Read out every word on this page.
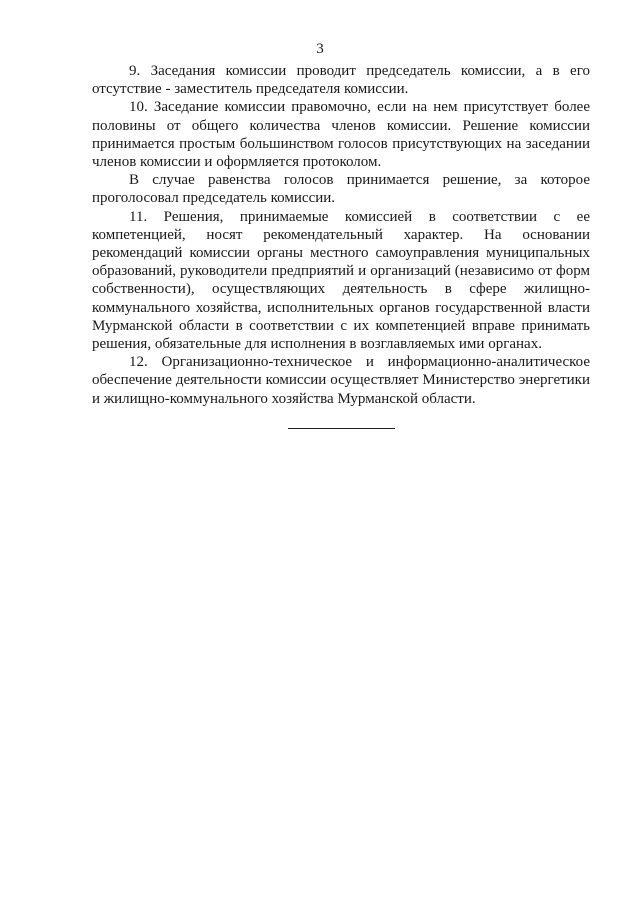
3

9. Заседания комиссии проводит председатель комиссии, а в его отсутствие - заместитель председателя комиссии.

10. Заседание комиссии правомочно, если на нем присутствует более половины от общего количества членов комиссии. Решение комиссии принимается простым большинством голосов присутствующих на заседании членов комиссии и оформляется протоколом.

В случае равенства голосов принимается решение, за которое проголосовал председатель комиссии.

11. Решения, принимаемые комиссией в соответствии с ее компетенцией, носят рекомендательный характер. На основании рекомендаций комиссии органы местного самоуправления муниципальных образований, руководители предприятий и организаций (независимо от форм собственности), осуществляющих деятельность в сфере жилищно-коммунального хозяйства, исполнительных органов государственной власти Мурманской области в соответствии с их компетенцией вправе принимать решения, обязательные для исполнения в возглавляемых ими органах.

12. Организационно-техническое и информационно-аналитическое обеспечение деятельности комиссии осуществляет Министерство энергетики и жилищно-коммунального хозяйства Мурманской области.
